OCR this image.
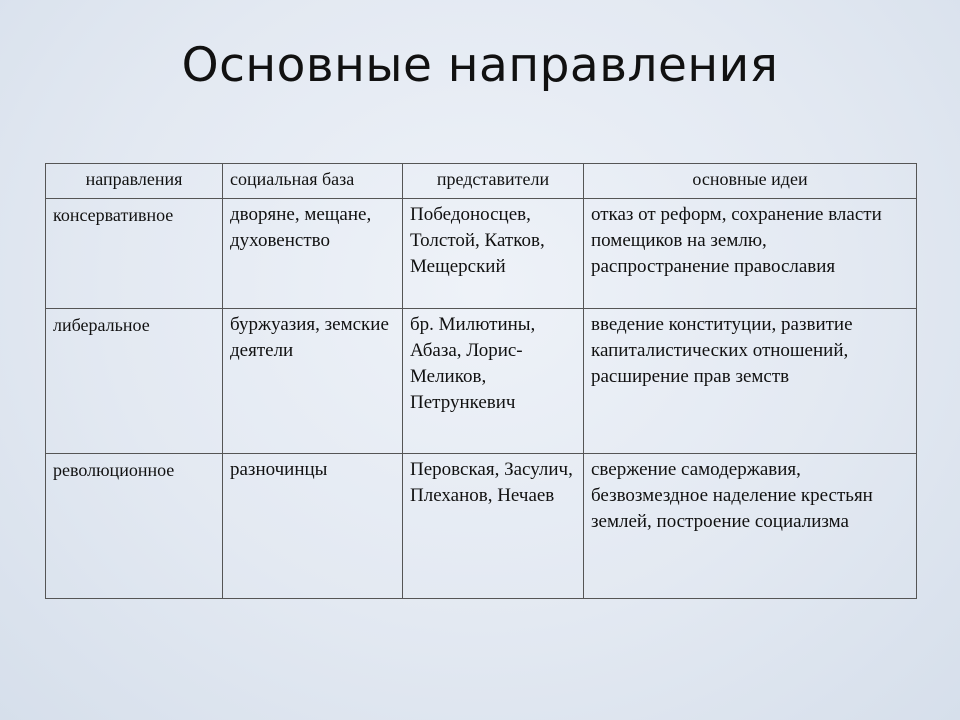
Основные направления
направления	социальная база	представители	основные идеи
консервативное	дворяне, мещане, духовенство	Победоносцев, Толстой, Катков, Мещерский	отказ от реформ, сохранение власти помещиков на землю, распространение православия
либеральное	буржуазия, земские деятели	бр. Милютины, Абаза, Лорис-Меликов, Петрункевич	введение конституции, развитие капиталистических отношений, расширение прав земств
революционное	разночинцы	Перовская, Засулич, Плеханов, Нечаев	свержение самодержавия, безвозмездное наделение крестьян землей, построение социализма
